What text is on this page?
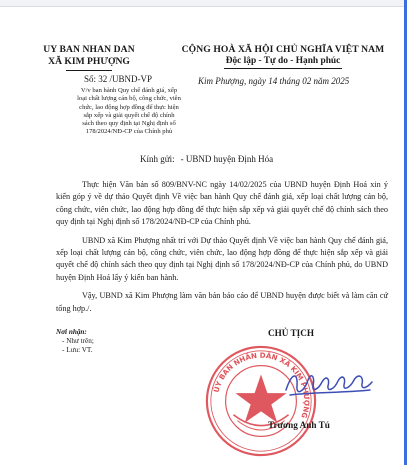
UY BAN NHAN DAN
XÃ KIM PHƯỢNG
CỘNG HOÀ XÃ HỘI CHỦ NGHĨA VIỆT NAM
Độc lập - Tự do - Hạnh phúc
Số: 32 /UBND-VP	Kim Phượng, ngày 14 tháng 02 năm 2025
V/v ban hành Quy chế đánh giá, xếp
loại chất lượng cán bộ, công chức, viên
chức, lao động hợp đồng để thực hiện
sắp xếp và giải quyết chế độ chính
sách theo quy định tại Nghị định số
178/2024/NĐ-CP của Chính phủ
Kính gửi: - UBND huyện Định Hóa

Thực hiện Văn bản số 809/BNV-NC ngày 14/02/2025 của UBND huyện Định Hoá xin ý kiến góp ý về dự thảo Quyết định Về việc ban hành Quy chế đánh giá, xếp loại chất lượng cán bộ, công chức, viên chức, lao động hợp đồng để thực hiện sắp xếp và giải quyết chế độ chính sách theo quy định tại Nghị định số 178/2024/NĐ-CP của Chính phủ.

UBND xã Kim Phượng nhất trí với Dự thảo Quyết định Về việc ban hành Quy chế đánh giá, xếp loại chất lượng cán bộ, công chức, viên chức, lao động hợp đồng để thực hiện sắp xếp và giải quyết chế độ chính sách theo quy định tại Nghị định số 178/2024/NĐ-CP của Chính phủ, do UBND huyện Định Hoá lấy ý kiến ban hành.

Vậy, UBND xã Kim Phượng làm văn bản báo cáo để UBND huyện được biết và làm căn cứ tổng hợp./.

Nơi nhận:
- Như trên;
- Lưu: VT.
CHỦ TỊCH
ỦY BAN NHÂN DÂN XÃ KIM PHƯỢNG
Trương Anh Tú
